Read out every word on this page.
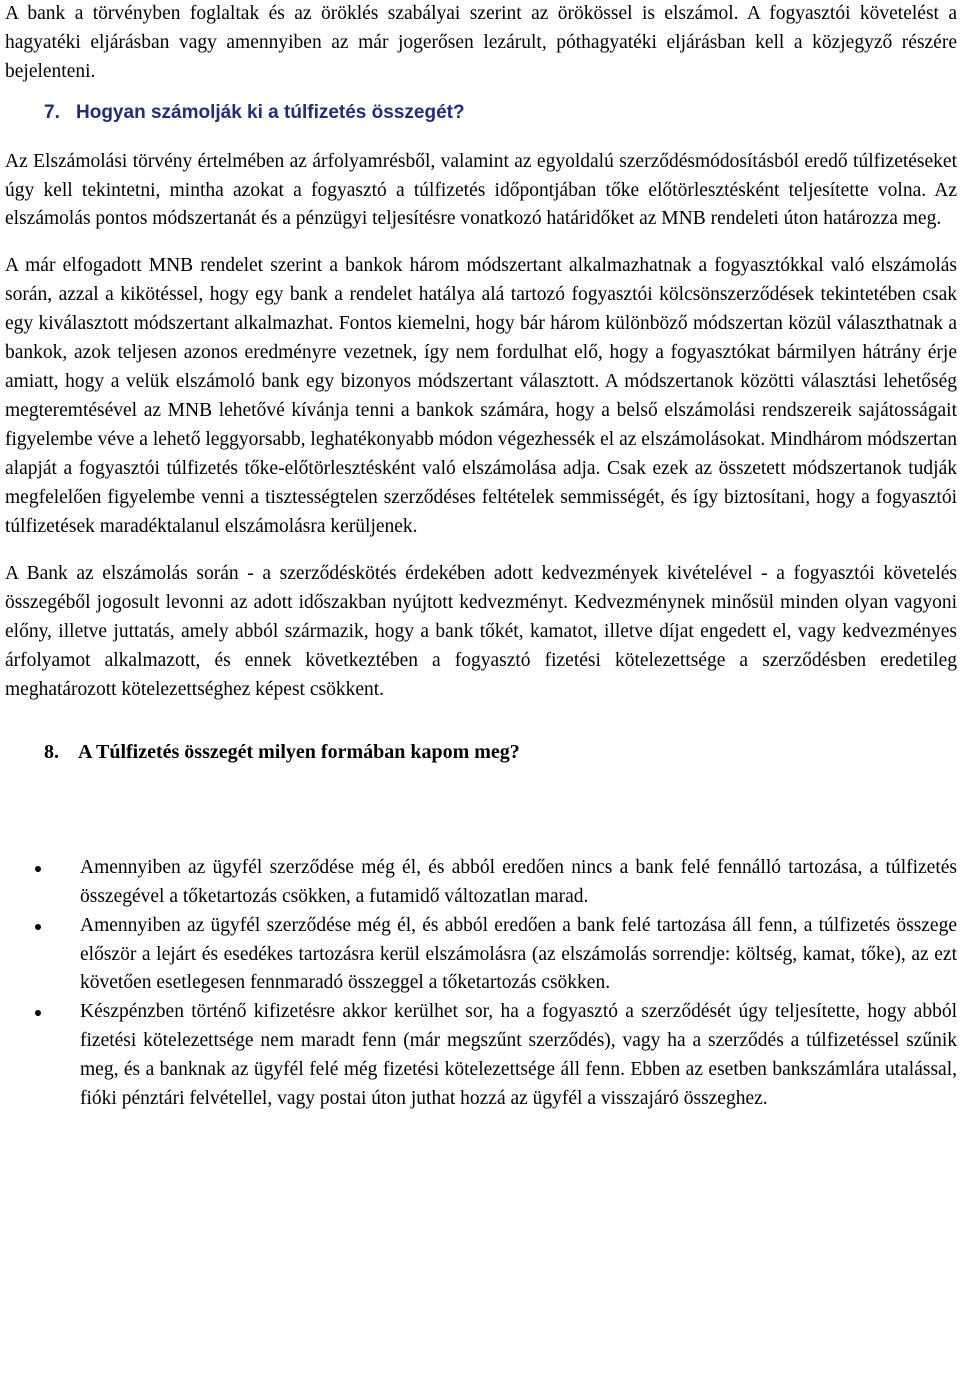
A bank a törvényben foglaltak és az öröklés szabályai szerint az örökössel is elszámol. A fogyasztói követelést a hagyatéki eljárásban vagy amennyiben az már jogerősen lezárult, póthagyatéki eljárásban kell a közjegyző részére bejelenteni.

7. Hogyan számolják ki a túlfizetés összegét?

Az Elszámolási törvény értelmében az árfolyamrésből, valamint az egyoldalú szerződésmódosításból eredő túlfizetéseket úgy kell tekintetni, mintha azokat a fogyasztó a túlfizetés időpontjában tőke előtörlesztésként teljesítette volna. Az elszámolás pontos módszertanát és a pénzügyi teljesítésre vonatkozó határidőket az MNB rendeleti úton határozza meg.

A már elfogadott MNB rendelet szerint a bankok három módszertant alkalmazhatnak a fogyasztókkal való elszámolás során, azzal a kikötéssel, hogy egy bank a rendelet hatálya alá tartozó fogyasztói kölcsönszerződések tekintetében csak egy kiválasztott módszertant alkalmazhat. Fontos kiemelni, hogy bár három különböző módszertan közül választhatnak a bankok, azok teljesen azonos eredményre vezetnek, így nem fordulhat elő, hogy a fogyasztókat bármilyen hátrány érje amiatt, hogy a velük elszámoló bank egy bizonyos módszertant választott. A módszertanok közötti választási lehetőség megteremtésével az MNB lehetővé kívánja tenni a bankok számára, hogy a belső elszámolási rendszereik sajátosságait figyelembe véve a lehető leggyorsabb, leghatékonyabb módon végezhessék el az elszámolásokat. Mindhárom módszertan alapját a fogyasztói túlfizetés tőke-előtörlesztésként való elszámolása adja. Csak ezek az összetett módszertanok tudják megfelelően figyelembe venni a tisztességtelen szerződéses feltételek semmisségét, és így biztosítani, hogy a fogyasztói túlfizetések maradéktalanul elszámolásra kerüljenek.

A Bank az elszámolás során - a szerződéskötés érdekében adott kedvezmények kivételével - a fogyasztói követelés összegéből jogosult levonni az adott időszakban nyújtott kedvezményt. Kedvezménynek minősül minden olyan vagyoni előny, illetve juttatás, amely abból származik, hogy a bank tőkét, kamatot, illetve díjat engedett el, vagy kedvezményes árfolyamot alkalmazott, és ennek következtében a fogyasztó fizetési kötelezettsége a szerződésben eredetileg meghatározott kötelezettséghez képest csökkent.

8. A Túlfizetés összegét milyen formában kapom meg?
Amennyiben az ügyfél szerződése még él, és abból eredően nincs a bank felé fennálló tartozása, a túlfizetés összegével a tőketartozás csökken, a futamidő változatlan marad.
Amennyiben az ügyfél szerződése még él, és abból eredően a bank felé tartozása áll fenn, a túlfizetés összege először a lejárt és esedékes tartozásra kerül elszámolásra (az elszámolás sorrendje: költség, kamat, tőke), az ezt követően esetlegesen fennmaradó összeggel a tőketartozás csökken.
Készpénzben történő kifizetésre akkor kerülhet sor, ha a fogyasztó a szerződését úgy teljesítette, hogy abból fizetési kötelezettsége nem maradt fenn (már megszűnt szerződés), vagy ha a szerződés a túlfizetéssel szűnik meg, és a banknak az ügyfél felé még fizetési kötelezettsége áll fenn. Ebben az esetben bankszámlára utalással, fióki pénztári felvétellel, vagy postai úton juthat hozzá az ügyfél a visszajáró összeghez.
